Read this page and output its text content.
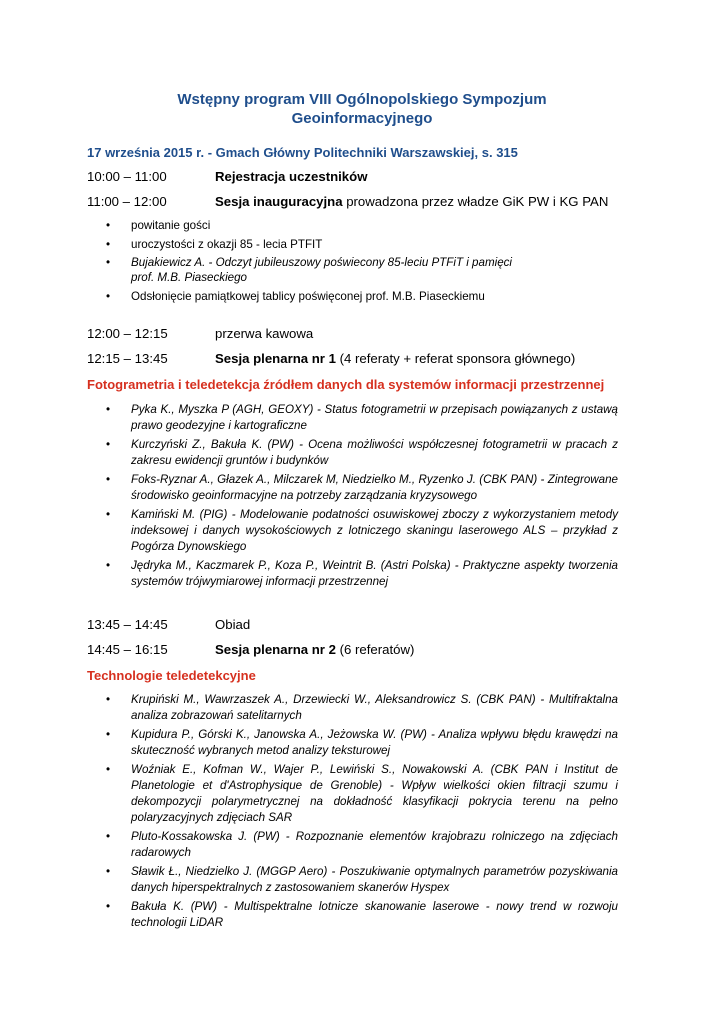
Wstępny program VIII Ogólnopolskiego Sympozjum
Geoinformacyjnego
17 września 2015 r. - Gmach Główny Politechniki Warszawskiej, s. 315
10:00 – 11:00	Rejestracja uczestników
11:00 – 12:00	Sesja inauguracyjna prowadzona przez władze GiK PW i KG PAN
• powitanie gości
• uroczystości z okazji 85 - lecia PTFIT
• Bujakiewicz A. - Odczyt jubileuszowy poświecony 85-leciu PTFiT i pamięci prof. M.B. Piaseckiego
• Odsłonięcie pamiątkowej tablicy poświęconej prof. M.B. Piaseckiemu
12:00 – 12:15	przerwa kawowa
12:15 – 13:45	Sesja plenarna nr 1 (4 referaty + referat sponsora głównego)
Fotogrametria i teledetekcja źródłem danych dla systemów informacji przestrzennej
• Pyka K., Myszka P (AGH, GEOXY) - Status fotogrametrii w przepisach powiązanych z ustawą prawo geodezyjne i kartograficzne
• Kurczyński Z., Bakuła K. (PW) - Ocena możliwości współczesnej fotogrametrii w pracach z zakresu ewidencji gruntów i budynków
• Foks-Ryznar A., Głazek A., Milczarek M, Niedzielko M., Ryzenko J. (CBK PAN) - Zintegrowane środowisko geoinformacyjne na potrzeby zarządzania kryzysowego
• Kamiński M. (PIG) - Modelowanie podatności osuwiskowej zboczy z wykorzystaniem metody indeksowej i danych wysokościowych z lotniczego skaningu laserowego ALS – przykład z Pogórza Dynowskiego
• Jędryka M., Kaczmarek P., Koza P., Weintrit B. (Astri Polska) - Praktyczne aspekty tworzenia systemów trójwymiarowej informacji przestrzennej
13:45 – 14:45	Obiad
14:45 – 16:15	Sesja plenarna nr 2 (6 referatów)
Technologie teledetekcyjne
• Krupiński M., Wawrzaszek A., Drzewiecki W., Aleksandrowicz S. (CBK PAN) - Multifraktalna analiza zobrazowań satelitarnych
• Kupidura P., Górski K., Janowska A., Jeżowska W. (PW) - Analiza wpływu błędu krawędzi na skuteczność wybranych metod analizy teksturowej
• Woźniak E., Kofman W., Wajer P., Lewiński S., Nowakowski A. (CBK PAN i Institut de Planetologie et d'Astrophysique de Grenoble) - Wpływ wielkości okien filtracji szumu i dekompozycji polarymetrycznej na dokładność klasyfikacji pokrycia terenu na pełno polaryzacyjnych zdjęciach SAR
• Pluto-Kossakowska J. (PW) - Rozpoznanie elementów krajobrazu rolniczego na zdjęciach radarowych
• Sławik Ł., Niedzielko J. (MGGP Aero) - Poszukiwanie optymalnych parametrów pozyskiwania danych hiperspektralnych z zastosowaniem skanerów Hyspex
• Bakuła K. (PW) - Multispektralne lotnicze skanowanie laserowe - nowy trend w rozwoju technologii LiDAR
